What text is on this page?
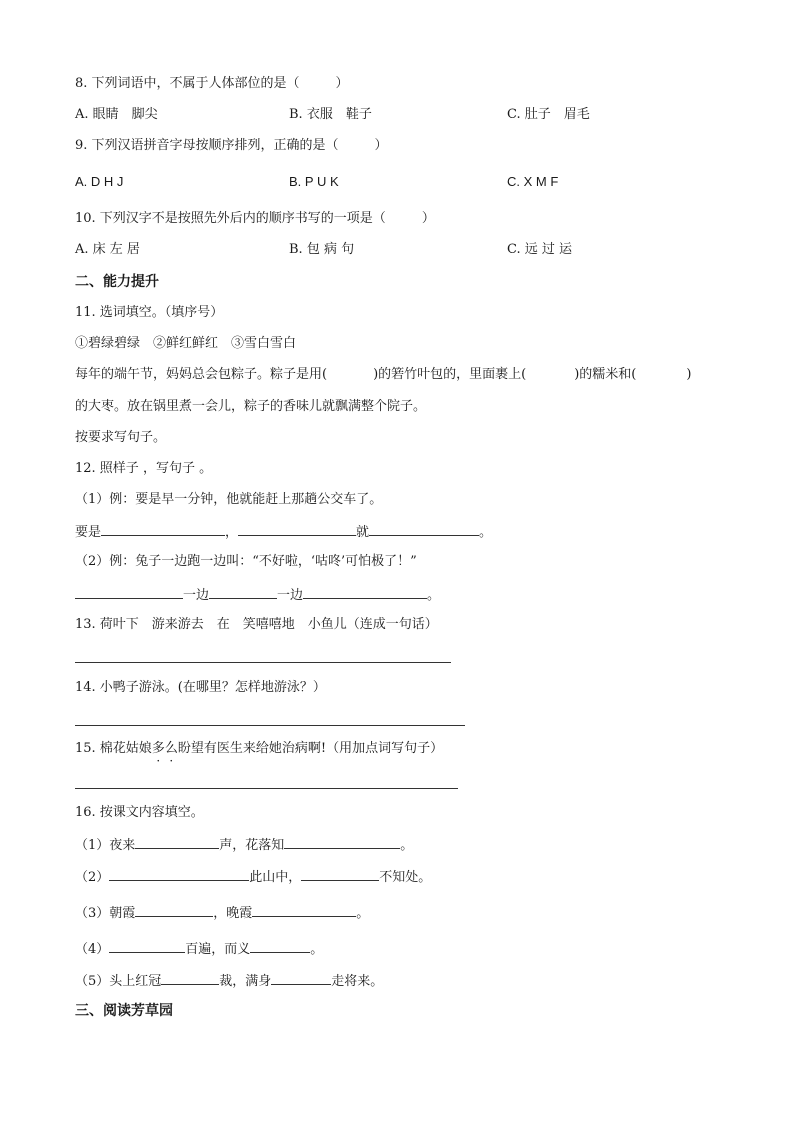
8. 下列词语中，不属于人体部位的是（	）
A. 眼睛　脚尖	B. 衣服　鞋子	C. 肚子　眉毛
9. 下列汉语拼音字母按顺序排列，正确的是（	）
A. D H J	B. P U K	C. X M F
10. 下列汉字不是按照先外后内的顺序书写的一项是（	）
A. 床 左 居	B. 包 病 句	C. 远 过 运
二、能力提升
11. 选词填空。（填序号）
①碧绿碧绿　②鲜红鲜红　③雪白雪白
每年的端午节，妈妈总会包粽子。粽子是用(	)的箬竹叶包的，里面裹上(	)的糯米和(	)
的大枣。放在锅里煮一会儿，粽子的香味儿就飘满整个院子。
按要求写句子。
12. 照样子 ，写句子 。
（1）例：要是早一分钟，他就能赶上那趟公交车了。
要是	，	就	。
（2）例：兔子一边跑一边叫：“不好啦，‘咕咚’可怕极了！”
一边	一边	。
13. 荷叶下　游来游去　在　笑嘻嘻地　小鱼儿（连成一句话）
14. 小鸭子游泳。(在哪里？怎样地游泳？）
15. 棉花姑娘多么盼望有医生来给她治病啊!（用加点词写句子）
16. 按课文内容填空。
（1）夜来	声，花落知	。
（2）	此山中，	不知处。
（3）朝霞	，晚霞	。
（4）	百遍，而义	。
（5）头上红冠	裁，满身	走将来。
三、阅读芳草园
